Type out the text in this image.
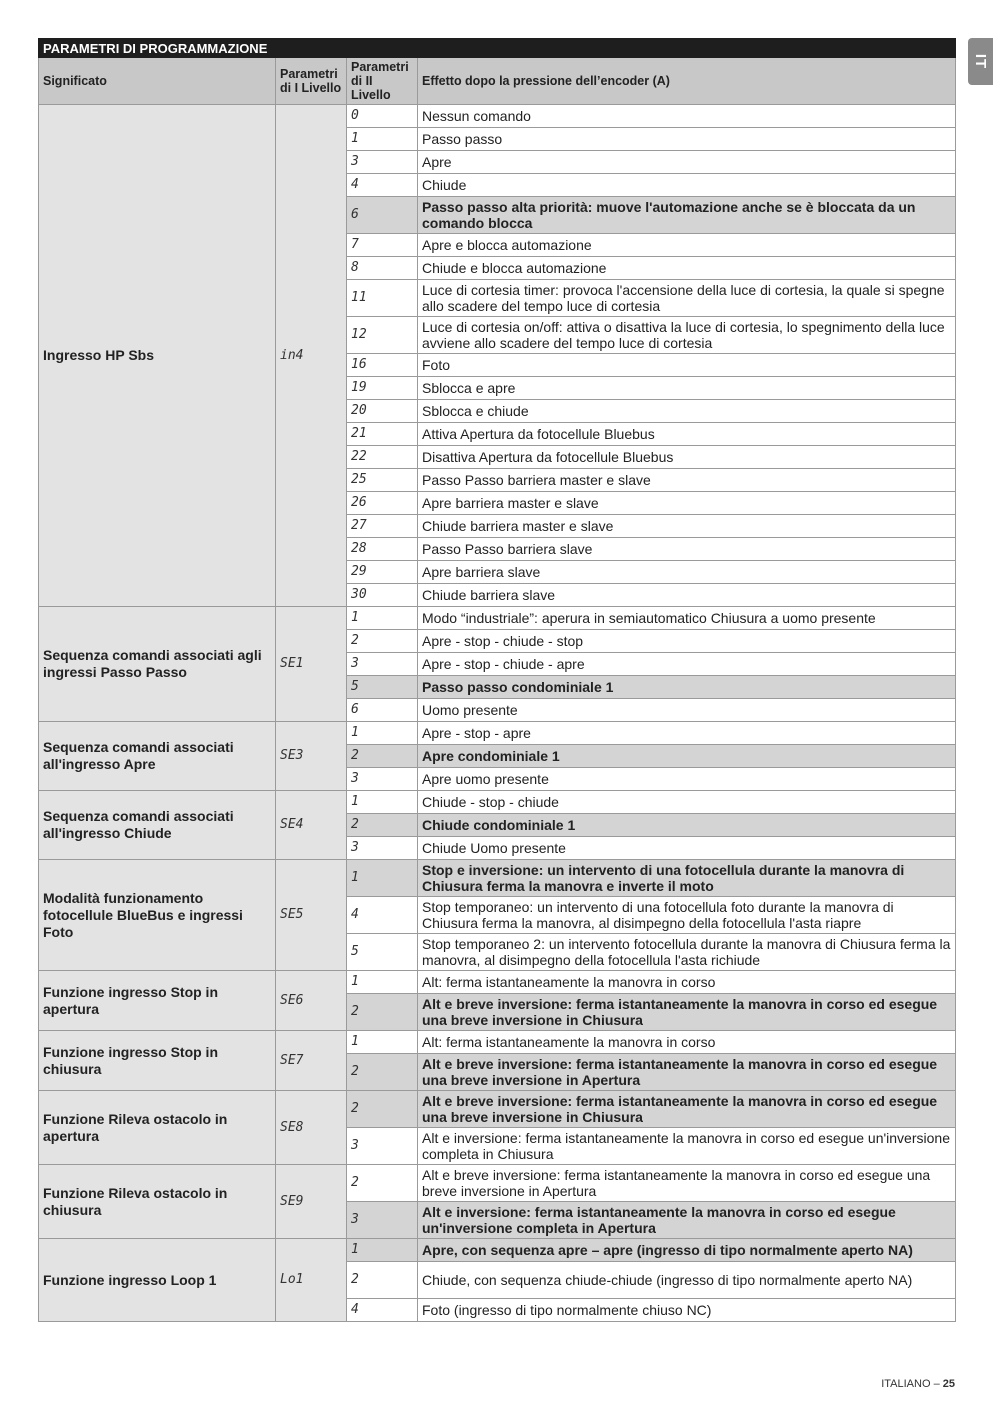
IT
PARAMETRI DI PROGRAMMAZIONE			
Significato	Parametri di I Livello	Parametri di II Livello	Effetto dopo la pressione dell’encoder (A)
Ingresso HP Sbs	in4	0	Nessun comando
		1	Passo passo
		3	Apre
		4	Chiude
		6	Passo passo alta priorità: muove l'automazione anche se è bloccata da un comando blocca
		7	Apre e blocca automazione
		8	Chiude e blocca automazione
		11	Luce di cortesia timer: provoca l'accensione della luce di cortesia, la quale si spegne allo scadere del tempo luce di cortesia
		12	Luce di cortesia on/off: attiva o disattiva la luce di cortesia, lo spegnimento della luce avviene allo scadere del tempo luce di cortesia
		16	Foto
		19	Sblocca e apre
		20	Sblocca e chiude
		21	Attiva Apertura da fotocellule Bluebus
		22	Disattiva Apertura da fotocellule Bluebus
		25	Passo Passo barriera master e slave
		26	Apre barriera master e slave
		27	Chiude barriera master e slave
		28	Passo Passo barriera slave
		29	Apre barriera slave
		30	Chiude barriera slave
Sequenza comandi associati agli ingressi Passo Passo	SE1	1	Modo “industriale”: aperura in semiautomatico Chiusura a uomo presente
		2	Apre - stop - chiude - stop
		3	Apre - stop - chiude - apre
		5	Passo passo condominiale 1
		6	Uomo presente
Sequenza comandi associati all'ingresso Apre	SE3	1	Apre - stop - apre
		2	Apre condominiale 1
		3	Apre uomo presente
Sequenza comandi associati all'ingresso Chiude	SE4	1	Chiude - stop - chiude
		2	Chiude condominiale 1
		3	Chiude Uomo presente
Modalità funzionamento fotocellule BlueBus e ingressi Foto	SE5	1	Stop e inversione: un intervento di una fotocellula durante la manovra di Chiusura ferma la manovra e inverte il moto
		4	Stop temporaneo: un intervento di una fotocellula foto durante la manovra di Chiusura ferma la manovra, al disimpegno della fotocellula l'asta riapre
		5	Stop temporaneo 2: un intervento fotocellula durante la manovra di Chiusura ferma la manovra, al disimpegno della fotocellula l'asta richiude
Funzione ingresso Stop in apertura	SE6	1	Alt: ferma istantaneamente la manovra in corso
		2	Alt e breve inversione: ferma istantaneamente la manovra in corso ed esegue una breve inversione in Chiusura
Funzione ingresso Stop in chiusura	SE7	1	Alt: ferma istantaneamente la manovra in corso
		2	Alt e breve inversione: ferma istantaneamente la manovra in corso ed esegue una breve inversione in Apertura
Funzione Rileva ostacolo in apertura	SE8	2	Alt e breve inversione: ferma istantaneamente la manovra in corso ed esegue una breve inversione in Chiusura
		3	Alt e inversione: ferma istantaneamente la manovra in corso ed esegue un'inversione completa in Chiusura
Funzione Rileva ostacolo in chiusura	SE9	2	Alt e breve inversione: ferma istantaneamente la manovra in corso ed esegue una breve inversione in Apertura
		3	Alt e inversione: ferma istantaneamente la manovra in corso ed esegue un'inversione completa in Apertura
Funzione ingresso Loop 1	Lo1	1	Apre, con sequenza apre – apre (ingresso di tipo normalmente aperto NA)
		2	Chiude, con sequenza chiude-chiude (ingresso di tipo normalmente aperto NA)
		4	Foto (ingresso di tipo normalmente chiuso NC)
ITALIANO – 25
